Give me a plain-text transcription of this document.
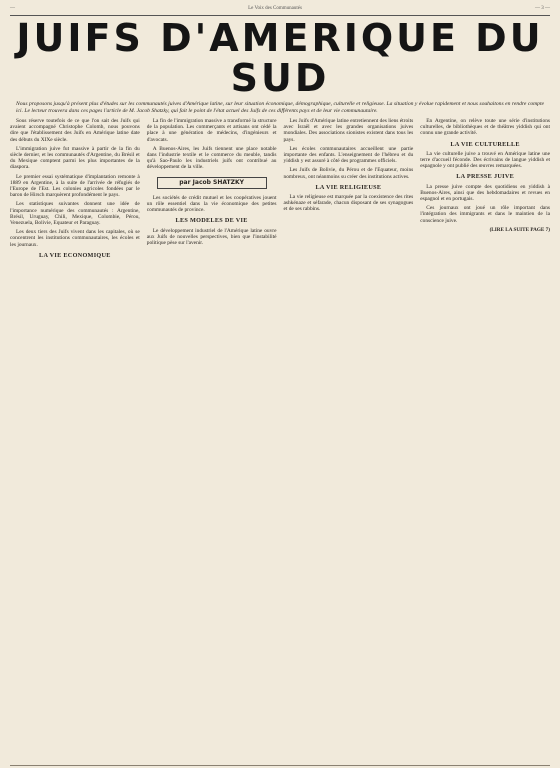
—	Le Voix des Communautés	— 3 —
JUIFS D'AMERIQUE DU SUD
Nous proposons jusqu'à présent plus d'études sur les communautés juives d'Amérique latine, sur leur situation économique, démographique, culturelle et religieuse. La situation y évolue rapidement et nous souhaitons en rendre compte ici. Le lecteur trouvera dans ces pages l'article de M. Jacob Shatzky, qui fait le point de l'état actuel des Juifs de ces différents pays et de leur vie communautaire.

Sous réserve toutefois de ce que l'on sait des Juifs qui avaient accompagné Christophe Colomb, nous pouvons dire que l'établissement des Juifs en Amérique latine date des débuts du XIXe siècle.

L'immigration juive fut massive à partir de la fin du siècle dernier, et les communautés d'Argentine, du Brésil et du Mexique comptent parmi les plus importantes de la diaspora.

Le premier essai systématique d'implantation remonte à 1889 en Argentine, à la suite de l'arrivée de réfugiés de l'Europe de l'Est. Les colonies agricoles fondées par le baron de Hirsch marquèrent profondément le pays.

Les statistiques suivantes donnent une idée de l'importance numérique des communautés : Argentine, Brésil, Uruguay, Chili, Mexique, Colombie, Pérou, Venezuela, Bolivie, Equateur et Paraguay.

Les deux tiers des Juifs vivent dans les capitales, où se concentrent les institutions communautaires, les écoles et les journaux.

LA VIE ECONOMIQUE

La fin de l'immigration massive a transformé la structure de la population. Les commerçants et artisans ont cédé la place à une génération de médecins, d'ingénieurs et d'avocats.

A Buenos-Aires, les Juifs tiennent une place notable dans l'industrie textile et le commerce du meuble, tandis qu'à Sao-Paulo les industriels juifs ont contribué au développement de la ville.

par Jacob SHATZKY

Les sociétés de crédit mutuel et les coopératives jouent un rôle essentiel dans la vie économique des petites communautés de province.

LES MODELES DE VIE

Le développement industriel de l'Amérique latine ouvre aux Juifs de nouvelles perspectives, bien que l'instabilité politique pèse sur l'avenir.

Les Juifs d'Amérique latine entretiennent des liens étroits avec Israël et avec les grandes organisations juives mondiales. Des associations sionistes existent dans tous les pays.

Les écoles communautaires accueillent une partie importante des enfants. L'enseignement de l'hébreu et du yiddish y est assuré à côté des programmes officiels.

Les Juifs de Bolivie, du Pérou et de l'Equateur, moins nombreux, ont néanmoins su créer des institutions actives.

LA VIE RELIGIEUSE

La vie religieuse est marquée par la coexistence des rites ashkénaze et séfarade, chacun disposant de ses synagogues et de ses rabbins.

En Argentine, on relève toute une série d'institutions culturelles, de bibliothèques et de théâtres yiddish qui ont connu une grande activité.

LA VIE CULTURELLE

La vie culturelle juive a trouvé en Amérique latine une terre d'accueil féconde. Des écrivains de langue yiddish et espagnole y ont publié des œuvres remarquées.

LA PRESSE JUIVE

La presse juive compte des quotidiens en yiddish à Buenos-Aires, ainsi que des hebdomadaires et revues en espagnol et en portugais.

Ces journaux ont joué un rôle important dans l'intégration des immigrants et dans le maintien de la conscience juive.

(LIRE LA SUITE PAGE 7)
